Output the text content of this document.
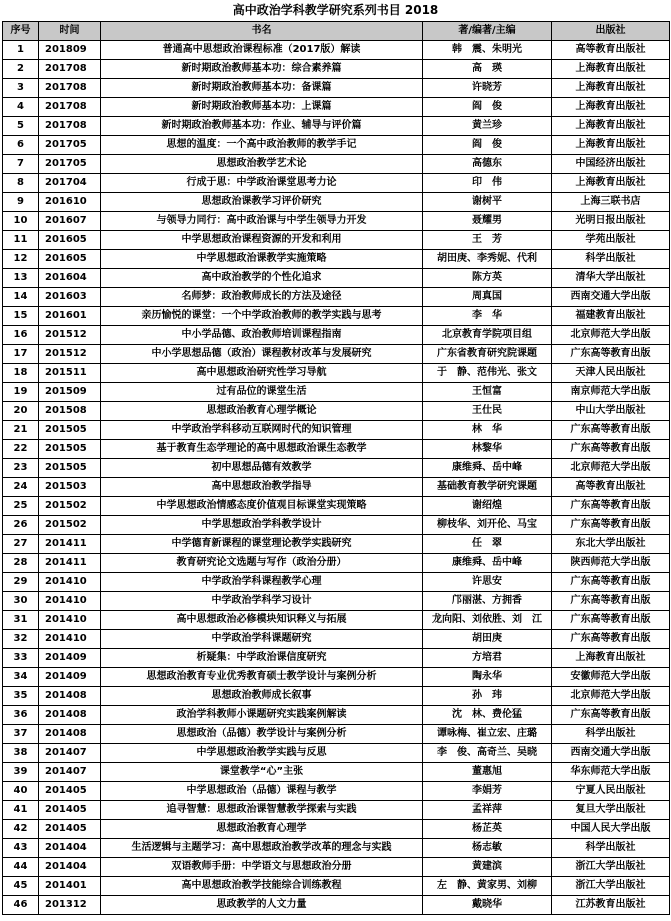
高中政治学科教学研究系列书目 2018
序号	时间	书名	著/编著/主编	出版社
1	201809	普通高中思想政治课程标准（2017版）解读	韩　震、朱明光	高等教育出版社
2	201708	新时期政治教师基本功：综合素养篇	高　瑛	上海教育出版社
3	201708	新时期政治教师基本功：备课篇	许晓芳	上海教育出版社
4	201708	新时期政治教师基本功：上课篇	阎　俊	上海教育出版社
5	201708	新时期政治教师基本功：作业、辅导与评价篇	黄兰珍	上海教育出版社
6	201705	思想的温度：一个高中政治教师的教学手记	阎　俊	上海教育出版社
7	201705	思想政治教学艺术论	高德东	中国经济出版社
8	201704	行成于思：中学政治课堂思考力论	印　伟	上海教育出版社
9	201610	思想政治课教学习评价研究	谢树平	上海三联书店
10	201607	与领导力同行：高中政治课与中学生领导力开发	聂耀男	光明日报出版社
11	201605	中学思想政治课程资源的开发和利用	王　芳	学苑出版社
12	201605	中学思想政治课教学实施策略	胡田庚、李秀妮、代利	科学出版社
13	201604	高中政治教学的个性化追求	陈方英	清华大学出版社
14	201603	名师梦：政治教师成长的方法及途径	周真国	西南交通大学出版
15	201601	亲历愉悦的课堂：一个中学政治教师的教学实践与思考	李　华	福建教育出版社
16	201512	中小学品德、政治教师培训课程指南	北京教育学院项目组	北京师范大学出版
17	201512	中小学思想品德（政治）课程教材改革与发展研究	广东省教育研究院课题	广东高等教育出版
18	201511	高中思想政治研究性学习导航	于　静、范伟光、张文	天津人民出版社
19	201509	过有品位的课堂生活	王恒富	南京师范大学出版
20	201508	思想政治教育心理学概论	王仕民	中山大学出版社
21	201505	中学政治学科移动互联网时代的知识管理	林　华	广东高等教育出版
22	201505	基于教育生态学理论的高中思想政治课生态教学	林黎华	广东高等教育出版
23	201505	初中思想品德有效教学	康维舜、岳中峰	北京师范大学出版
24	201503	高中思想政治教学指导	基础教育教学研究课题	高等教育出版社
25	201502	中学思想政治情感态度价值观目标课堂实现策略	谢绍煌	广东高等教育出版
26	201502	中学思想政治学科教学设计	柳枝华、刘开伦、马宝	广东高等教育出版
27	201411	中学德育新课程的课堂理论教学实践研究	任　翠	东北大学出版社
28	201411	教育研究论文选题与写作（政治分册）	康维舜、岳中峰	陕西师范大学出版
29	201410	中学政治学科课程教学心理	许思安	广东高等教育出版
30	201410	中学政治学科学习设计	邝丽湛、方拥香	广东高等教育出版
31	201410	高中思想政治必修模块知识释义与拓展	龙向阳、刘依胜、刘　江	广东高等教育出版
32	201410	中学政治学科课题研究	胡田庚	广东高等教育出版
33	201409	析疑集：中学政治课信度研究	方培君	上海教育出版社
34	201409	思想政治教育专业优秀教育硕士教学设计与案例分析	陶永华	安徽师范大学出版
35	201408	思想政治教师成长叙事	孙　玮	北京师范大学出版
36	201408	政治学科教师小课题研究实践案例解读	沈　林、费伦猛	广东高等教育出版
37	201408	思想政治（品德）教学设计与案例分析	谭咏梅、崔立宏、庄璐	科学出版社
38	201407	中学思想政治教学实践与反思	李　俊、高奇兰、吴晓	西南交通大学出版
39	201407	课堂教学“心”主张	董惠旭	华东师范大学出版
40	201405	中学思想政治（品德）课程与教学	李娟芳	宁夏人民出版社
41	201405	追寻智慧：思想政治课智慧教学探索与实践	孟祥萍	复旦大学出版社
42	201405	思想政治教育心理学	杨芷英	中国人民大学出版
43	201404	生活逻辑与主题学习：高中思想政治教学改革的理念与实践	杨志敏	科学出版社
44	201404	双语教师手册：中学语文与思想政治分册	黄建滨	浙江大学出版社
45	201401	高中思想政治教学技能综合训练教程	左　静、黄家男、刘柳	浙江大学出版社
46	201312	思政教学的人文力量	戴晓华	江苏教育出版社
